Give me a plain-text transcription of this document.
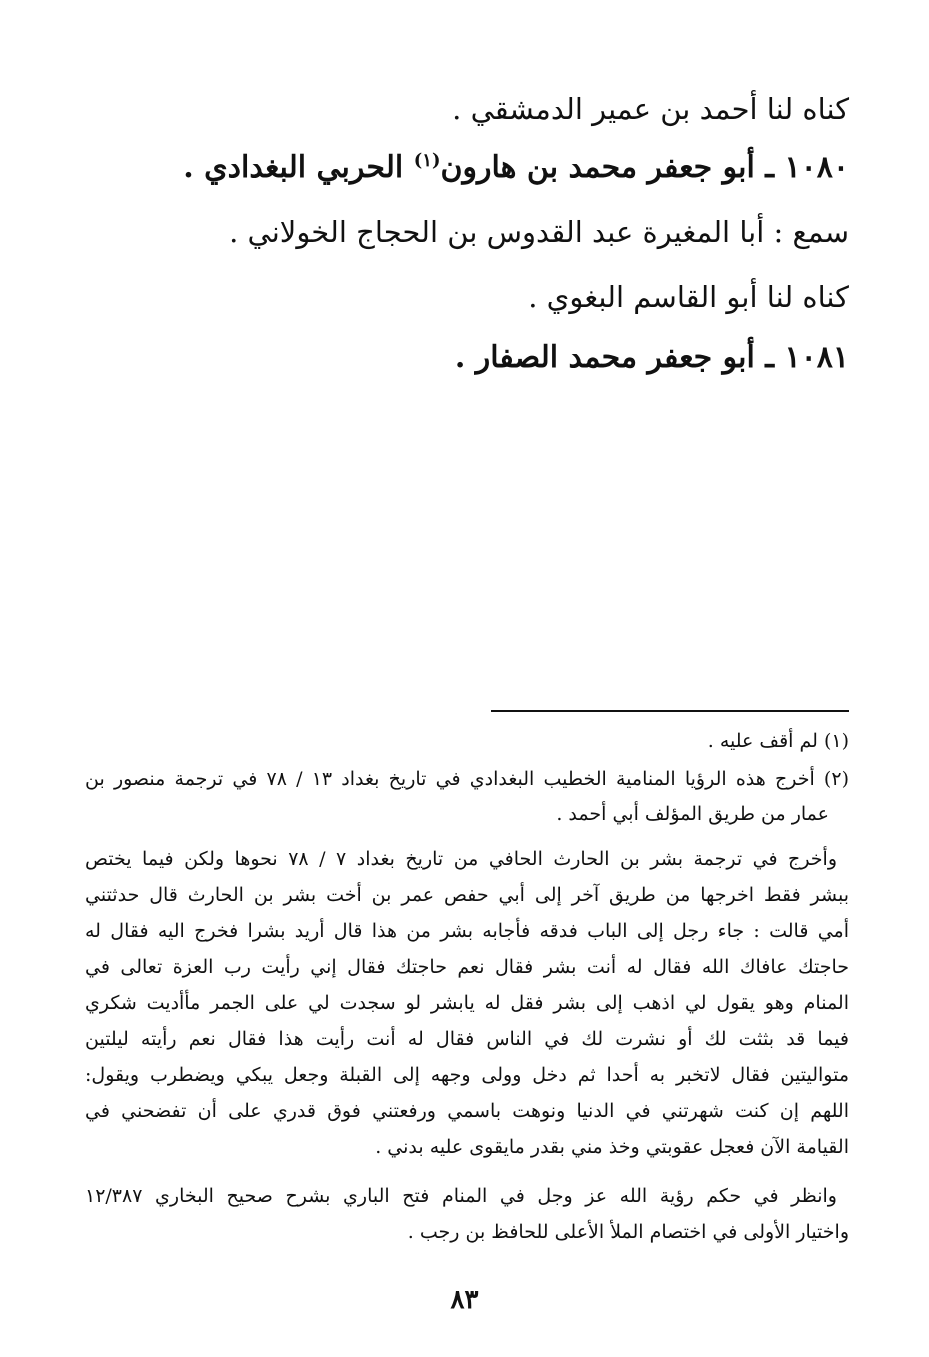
كناه لنا أحمد بن عمير الدمشقي .
١٠٨٠ ـ أبو جعفر محمد بن هارون$^{(١)}$ الحربي البغدادي .
سمع : أبا المغيرة عبد القدوس بن الحجاج الخولاني .
كناه لنا أبو القاسم البغوي .
١٠٨١ ـ أبو جعفر محمد الصفار .
(١) لم أقف عليه .
(٢) أخرج هذه الرؤيا المنامية الخطيب البغدادي في تاريخ بغداد ١٣ / ٧٨ في ترجمة منصور بن
عمار من طريق المؤلف أبي أحمد .
وأخرج في ترجمة بشر بن الحارث الحافي من تاريخ بغداد ٧ / ٧٨ نحوها ولكن فيما يختص
ببشر فقط اخرجها من طريق آخر إلى أبي حفص عمر بن أخت بشر بن الحارث قال حدثتني
أمي قالت : جاء رجل إلى الباب فدقه فأجابه بشر من هذا قال أريد بشرا فخرج اليه فقال له
حاجتك عافاك الله فقال له أنت بشر فقال نعم حاجتك فقال إني رأيت رب العزة تعالى في
المنام وهو يقول لي اذهب إلى بشر فقل له يابشر لو سجدت لي على الجمر مأأديت شكري
فيما قد بثثت لك أو نشرت لك في الناس فقال له أنت رأيت هذا فقال نعم رأيته ليلتين
متواليتين فقال لاتخبر به أحدا ثم دخل وولى وجهه إلى القبلة وجعل يبكي ويضطرب ويقول:
اللهم إن كنت شهرتني في الدنيا ونوهت باسمي ورفعتني فوق قدري على أن تفضحني في
القيامة الآن فعجل عقوبتي وخذ مني بقدر مايقوى عليه بدني .
وانظر في حكم رؤية الله عز وجل في المنام فتح الباري بشرح صحيح البخاري ١٢/٣٨٧
واختيار الأولى في اختصام الملأ الأعلى للحافظ بن رجب .
٨٣
